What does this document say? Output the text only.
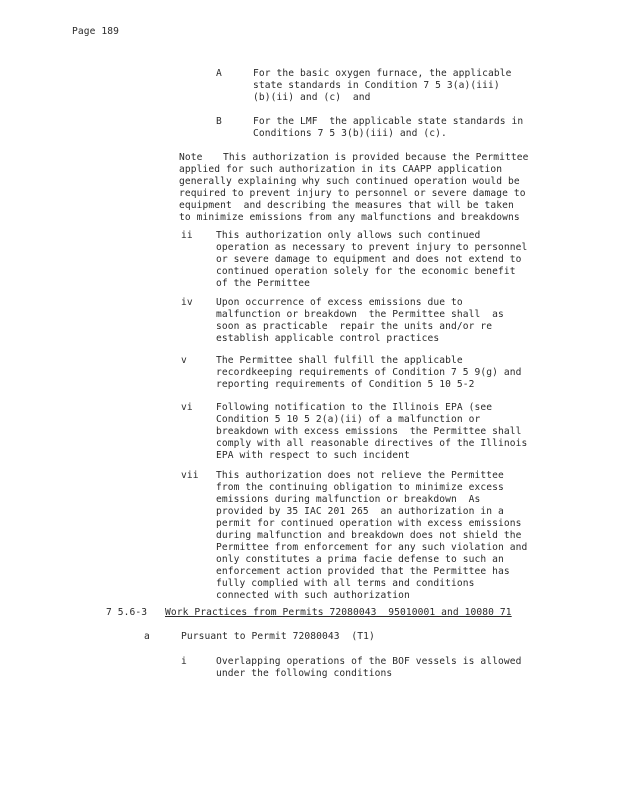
Page 189
A	For the basic oxygen furnace, the applicable
state standards in Condition 7 5 3(a)(iii)
(b)(ii) and (c)  and
B	For the LMF  the applicable state standards in
Conditions 7 5 3(b)(iii) and (c).
Note This authorization is provided because the Permittee
applied for such authorization in its CAAPP application
generally explaining why such continued operation would be
required to prevent injury to personnel or severe damage to
equipment  and describing the measures that will be taken
to minimize emissions from any malfunctions and breakdowns
ii This authorization only allows such continued
operation as necessary to prevent injury to personnel
or severe damage to equipment and does not extend to
continued operation solely for the economic benefit
of the Permittee
iv Upon occurrence of excess emissions due to
malfunction or breakdown  the Permittee shall  as
soon as practicable  repair the units and/or re
establish applicable control practices
v	The Permittee shall fulfill the applicable
recordkeeping requirements of Condition 7 5 9(g) and
reporting requirements of Condition 5 10 5-2
vi Following notification to the Illinois EPA (see
Condition 5 10 5 2(a)(ii) of a malfunction or
breakdown with excess emissions  the Permittee shall
comply with all reasonable directives of the Illinois
EPA with respect to such incident
vii This authorization does not relieve the Permittee
from the continuing obligation to minimize excess
emissions during malfunction or breakdown  As
provided by 35 IAC 201 265  an authorization in a
permit for continued operation with excess emissions
during malfunction and breakdown does not shield the
Permittee from enforcement for any such violation and
only constitutes a prima facie defense to such an
enforcement action provided that the Permittee has
fully complied with all terms and conditions
connected with such authorization
7 5.6-3 Work Practices from Permits 72080043  95010001 and 10080 71
a	Pursuant to Permit 72080043  (T1)
i	Overlapping operations of the BOF vessels is allowed
under the following conditions
